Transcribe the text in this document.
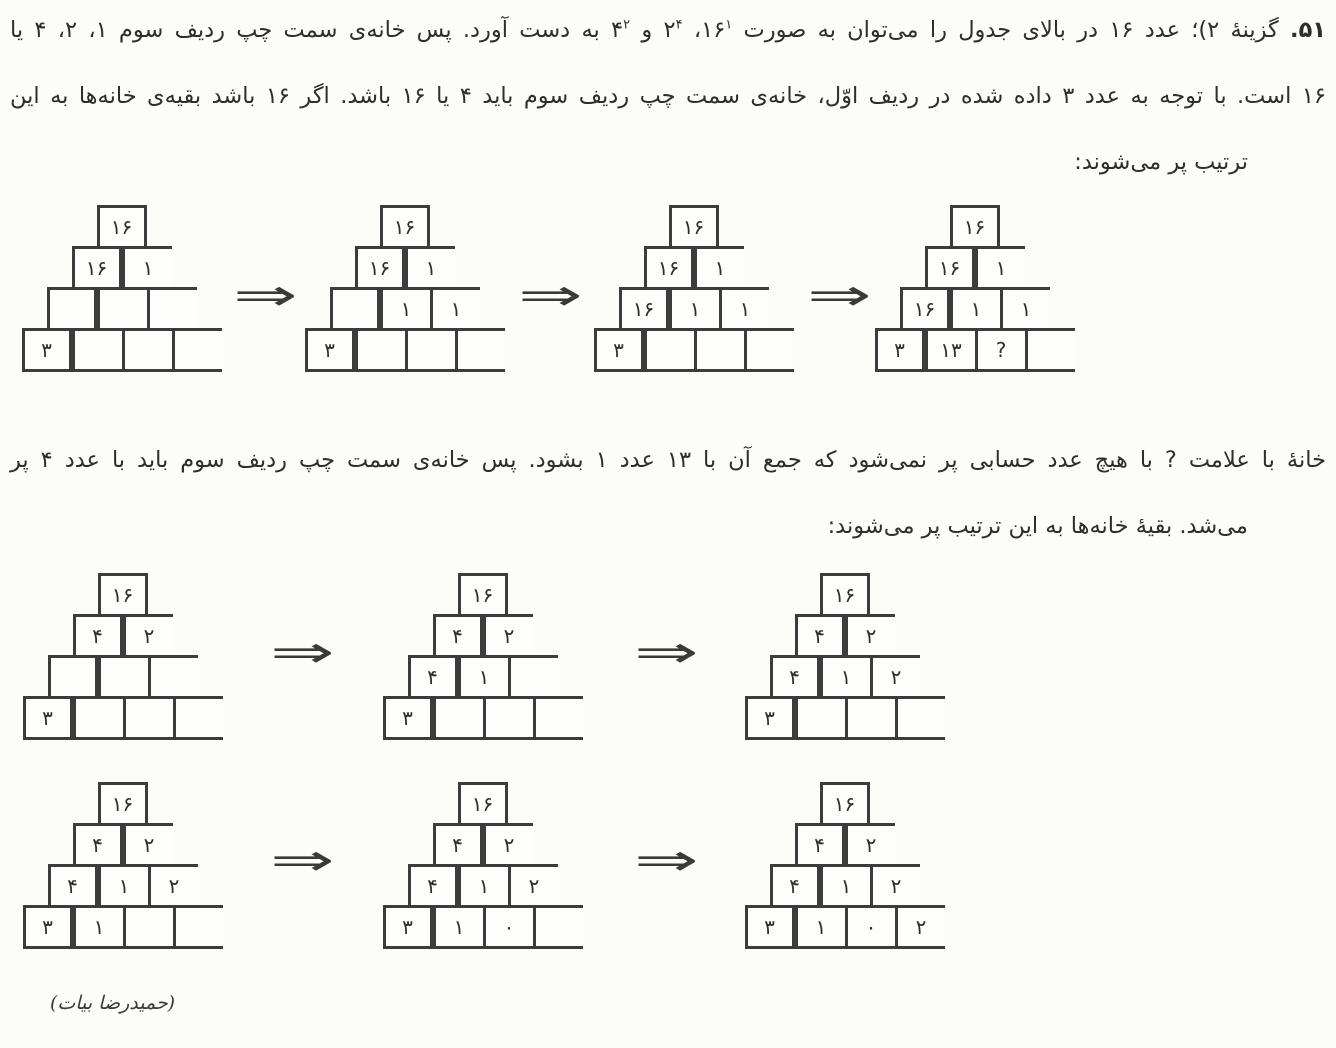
۵۱. گزینهٔ ۲)؛ عدد ۱۶ در بالای جدول را می‌توان به صورت $۱۶^۱،$ $۲^۴$ و $۴^۲$ به دست آورد. پس خانه‌ی سمت چپ ردیف سوم ۱، ۲، ۴ یا
۱۶ است. با توجه به عدد ۳ داده شده در ردیف اوّل، خانه‌ی سمت چپ ردیف سوم باید ۴ یا ۱۶ باشد. اگر ۱۶ باشد بقیه‌ی خانه‌ها به این
ترتیب پر می‌شوند:
۱۶
۱۶	۱
۳
⇒
۱۶
۱۶	۱
۱	۱
۳
⇒
۱۶
۱۶	۱
۱۶	۱	۱
۳
⇒
۱۶
۱۶	۱
۱۶	۱	۱
۳	۱۳	?
خانهٔ با علامت ? با هیچ عدد حسابی پر نمی‌شود که جمع آن با ۱۳ عدد ۱ بشود. پس خانه‌ی سمت چپ ردیف سوم باید با عدد ۴ پر
می‌شد. بقیهٔ خانه‌ها به این ترتیب پر می‌شوند:
۱۶
۴	۲
۳
⇒
۱۶
۴	۲
۴	۱
۳
⇒
۱۶
۴	۲
۴	۱	۲
۳
۱۶
۴	۲
۴	۱	۲
۳	۱
⇒
۱۶
۴	۲
۴	۱	۲
۳	۱	۰
⇒
۱۶
۴	۲
۴	۱	۲
۳	۱	۰	۲
(حمیدرضا بیات)
